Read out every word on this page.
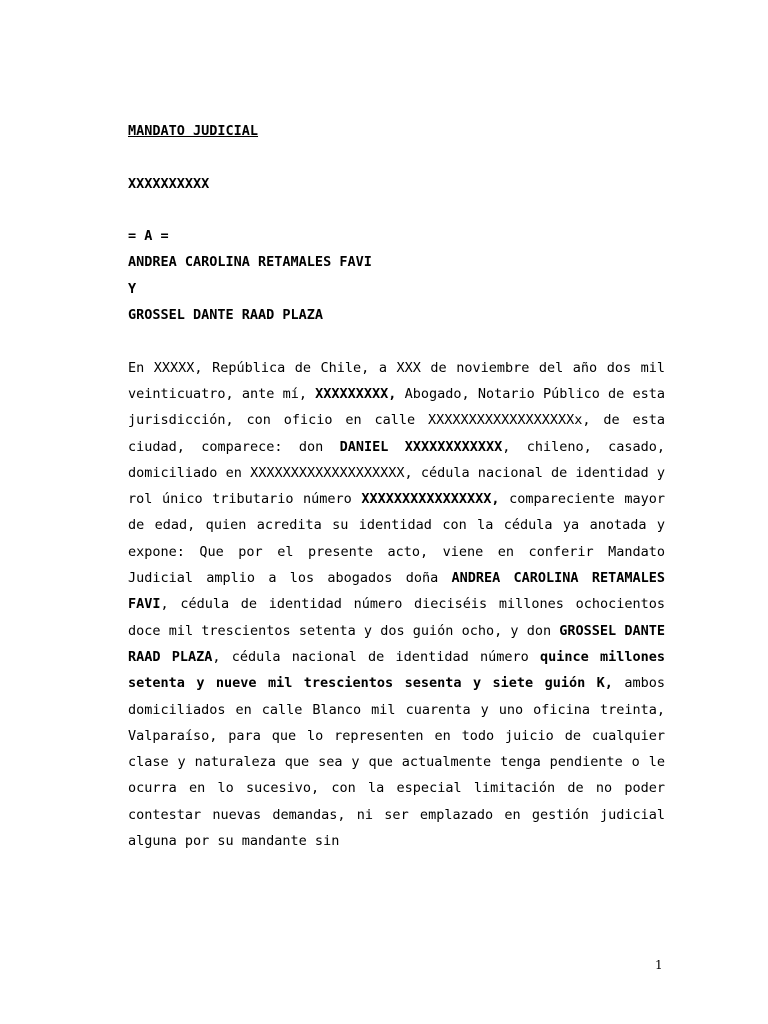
MANDATO JUDICIAL
XXXXXXXXXX
= A =
ANDREA CAROLINA RETAMALES FAVI
Y
GROSSEL DANTE RAAD PLAZA
En XXXXX, República de Chile, a XXX de noviembre del año dos mil veinticuatro, ante mí, XXXXXXXXX, Abogado, Notario Público de esta jurisdicción, con oficio en calle XXXXXXXXXXXXXXXXXXx, de esta ciudad, comparece: don DANIEL XXXXXXXXXXXX, chileno, casado, domiciliado en XXXXXXXXXXXXXXXXXXX, cédula nacional de identidad y rol único tributario número XXXXXXXXXXXXXXXX, compareciente mayor de edad, quien acredita su identidad con la cédula ya anotada y expone: Que por el presente acto, viene en conferir Mandato Judicial amplio a los abogados doña ANDREA CAROLINA RETAMALES FAVI, cédula de identidad número dieciséis millones ochocientos doce mil trescientos setenta y dos guión ocho, y don GROSSEL DANTE RAAD PLAZA, cédula nacional de identidad número quince millones setenta y nueve mil trescientos sesenta y siete guión K, ambos domiciliados en calle Blanco mil cuarenta y uno oficina treinta, Valparaíso, para que lo representen en todo juicio de cualquier clase y naturaleza que sea y que actualmente tenga pendiente o le ocurra en lo sucesivo, con la especial limitación de no poder contestar nuevas demandas, ni ser emplazado en gestión judicial alguna por su mandante sin
1
